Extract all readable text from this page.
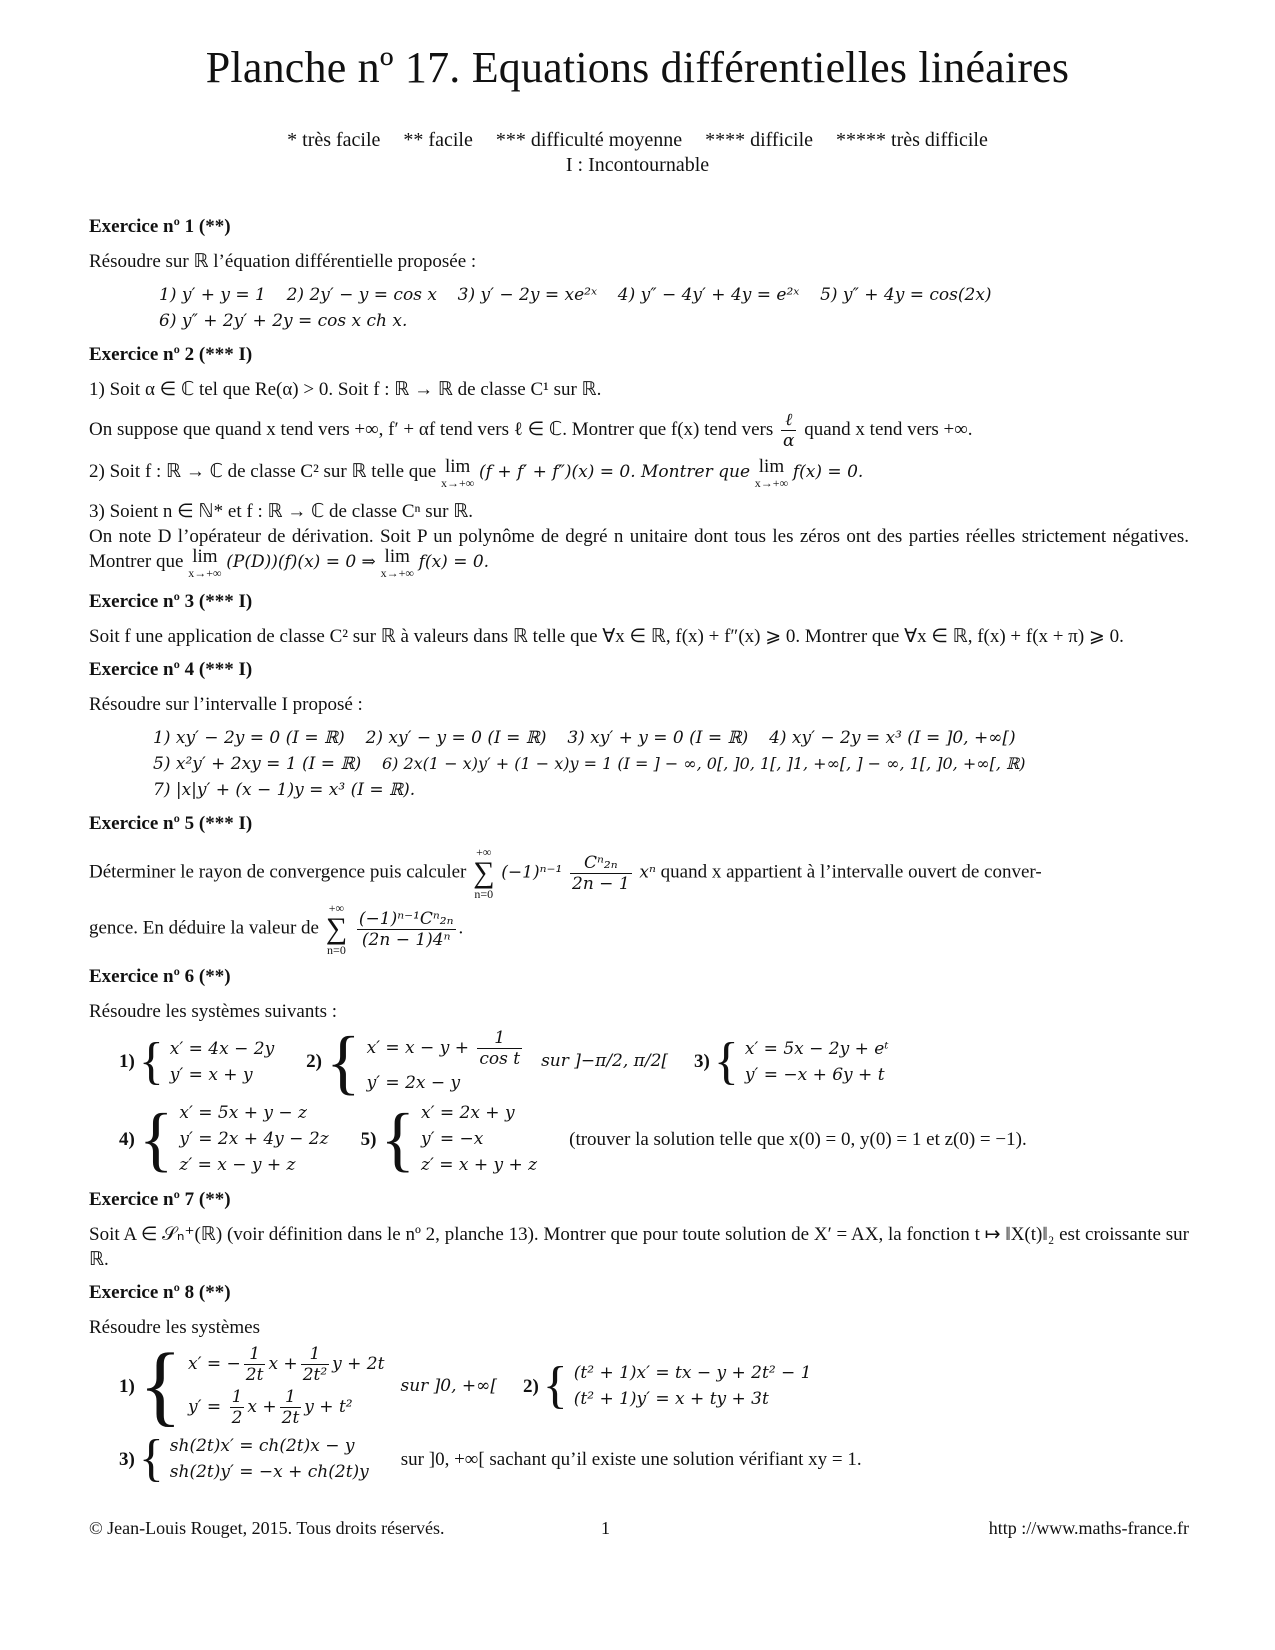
Planche nº 17. Equations différentielles linéaires
* très facile ** facile *** difficulté moyenne **** difficile ***** très difficile
I : Incontournable
Exercice nº 1 (**)
Résoudre sur ℝ l’équation différentielle proposée :
1) y′ + y = 1 2) 2y′ − y = cos x 3) y′ − 2y = xe²ˣ 4) y″ − 4y′ + 4y = e²ˣ 5) y″ + 4y = cos(2x)
6) y″ + 2y′ + 2y = cos x ch x.
Exercice nº 2 (*** I)
1) Soit α ∈ ℂ tel que Re(α) > 0. Soit f : ℝ → ℝ de classe C¹ sur ℝ.
On suppose que quand x tend vers +∞, f′ + αf tend vers ℓ ∈ ℂ. Montrer que f(x) tend vers $\frac{\text{ℓ}}{\alpha}$ quand x tend vers +∞.
2) Soit f : ℝ → ℂ de classe C² sur ℝ telle que lim
x→+∞
(f + f′ + f″)(x) = 0. Montrer que lim
x→+∞
f(x) = 0.
3) Soient n ∈ ℕ* et f : ℝ → ℂ de classe Cⁿ sur ℝ.
On note D l’opérateur de dérivation. Soit P un polynôme de degré n unitaire dont tous les zéros ont des parties réelles strictement négatives. Montrer que lim
x→+∞
(P(D))(f)(x) = 0 ⇒ lim
x→+∞
f(x) = 0.
Exercice nº 3 (*** I)
Soit f une application de classe C² sur ℝ à valeurs dans ℝ telle que ∀x ∈ ℝ, f(x) + f″(x) ⩾ 0. Montrer que ∀x ∈ ℝ, f(x) + f(x + π) ⩾ 0.
Exercice nº 4 (*** I)
Résoudre sur l’intervalle I proposé :
1) xy′ − 2y = 0 (I = ℝ) 2) xy′ − y = 0 (I = ℝ) 3) xy′ + y = 0 (I = ℝ) 4) xy′ − 2y = x³ (I = ]0, +∞[)
5) x²y′ + 2xy = 1 (I = ℝ) 6) 2x(1 − x)y′ + (1 − x)y = 1 (I = ] − ∞, 0[, ]0, 1[, ]1, +∞[, ] − ∞, 1[, ]0, +∞[, ℝ)
7) |x|y′ + (x − 1)y = x³ (I = ℝ).
Exercice nº 5 (*** I)
Déterminer le rayon de convergence puis calculer +∞
∑
n=0 $(-1)^{n-1} \frac{\text{Cⁿ₂ₙ}}{2n - 1}$ xⁿ quand x appartient à l’intervalle ouvert de conver-
gence. En déduire la valeur de +∞
∑
n=0
$\frac{\text{(−1)ⁿ⁻¹Cⁿ₂ₙ}}{\text{(2n − 1)4ⁿ}}$ .
Exercice nº 6 (**)
Résoudre les systèmes suivants :
1) { x′ = 4x − 2y
y′ = x + y
2) { $x' = x - y + \frac{1}{\text{cos t}}$

y′ = 2x − y
sur ]−π/2, π/2[ 3) { x′ = 5x − 2y + eᵗ
y′ = −x + 6y + t
4) { x′ = 5x + y − z
y′ = 2x + 4y − 2z
z′ = x − y + z
5) { x′ = 2x + y
y′ = −x
z′ = x + y + z
(trouver la solution telle que x(0) = 0, y(0) = 1 et z(0) = −1).
Exercice nº 7 (**)
Soit A ∈ 𝒮ₙ⁺(ℝ) (voir définition dans le nº 2, planche 13). Montrer que pour toute solution de X′ = AX, la fonction t ↦ ‖X(t)‖₂ est croissante sur ℝ.
Exercice nº 8 (**)
Résoudre les systèmes
1) { x′ = − $\frac{1}{2t}$ $x + \frac{1}{\text{2t²}}$ y + 2t
$y' = \frac{1}{2}$ $x + \frac{1}{2t}$ y + t²
sur ]0, +∞[ 2) { (t² + 1)x′ = tx − y + 2t² − 1
(t² + 1)y′ = x + ty + 3t
3) { sh(2t)x′ = ch(2t)x − y
sh(2t)y′ = −x + ch(2t)y
sur ]0, +∞[ sachant qu’il existe une solution vérifiant xy = 1.
© Jean-Louis Rouget, 2015. Tous droits réservés.	1	http ://www.maths-france.fr
